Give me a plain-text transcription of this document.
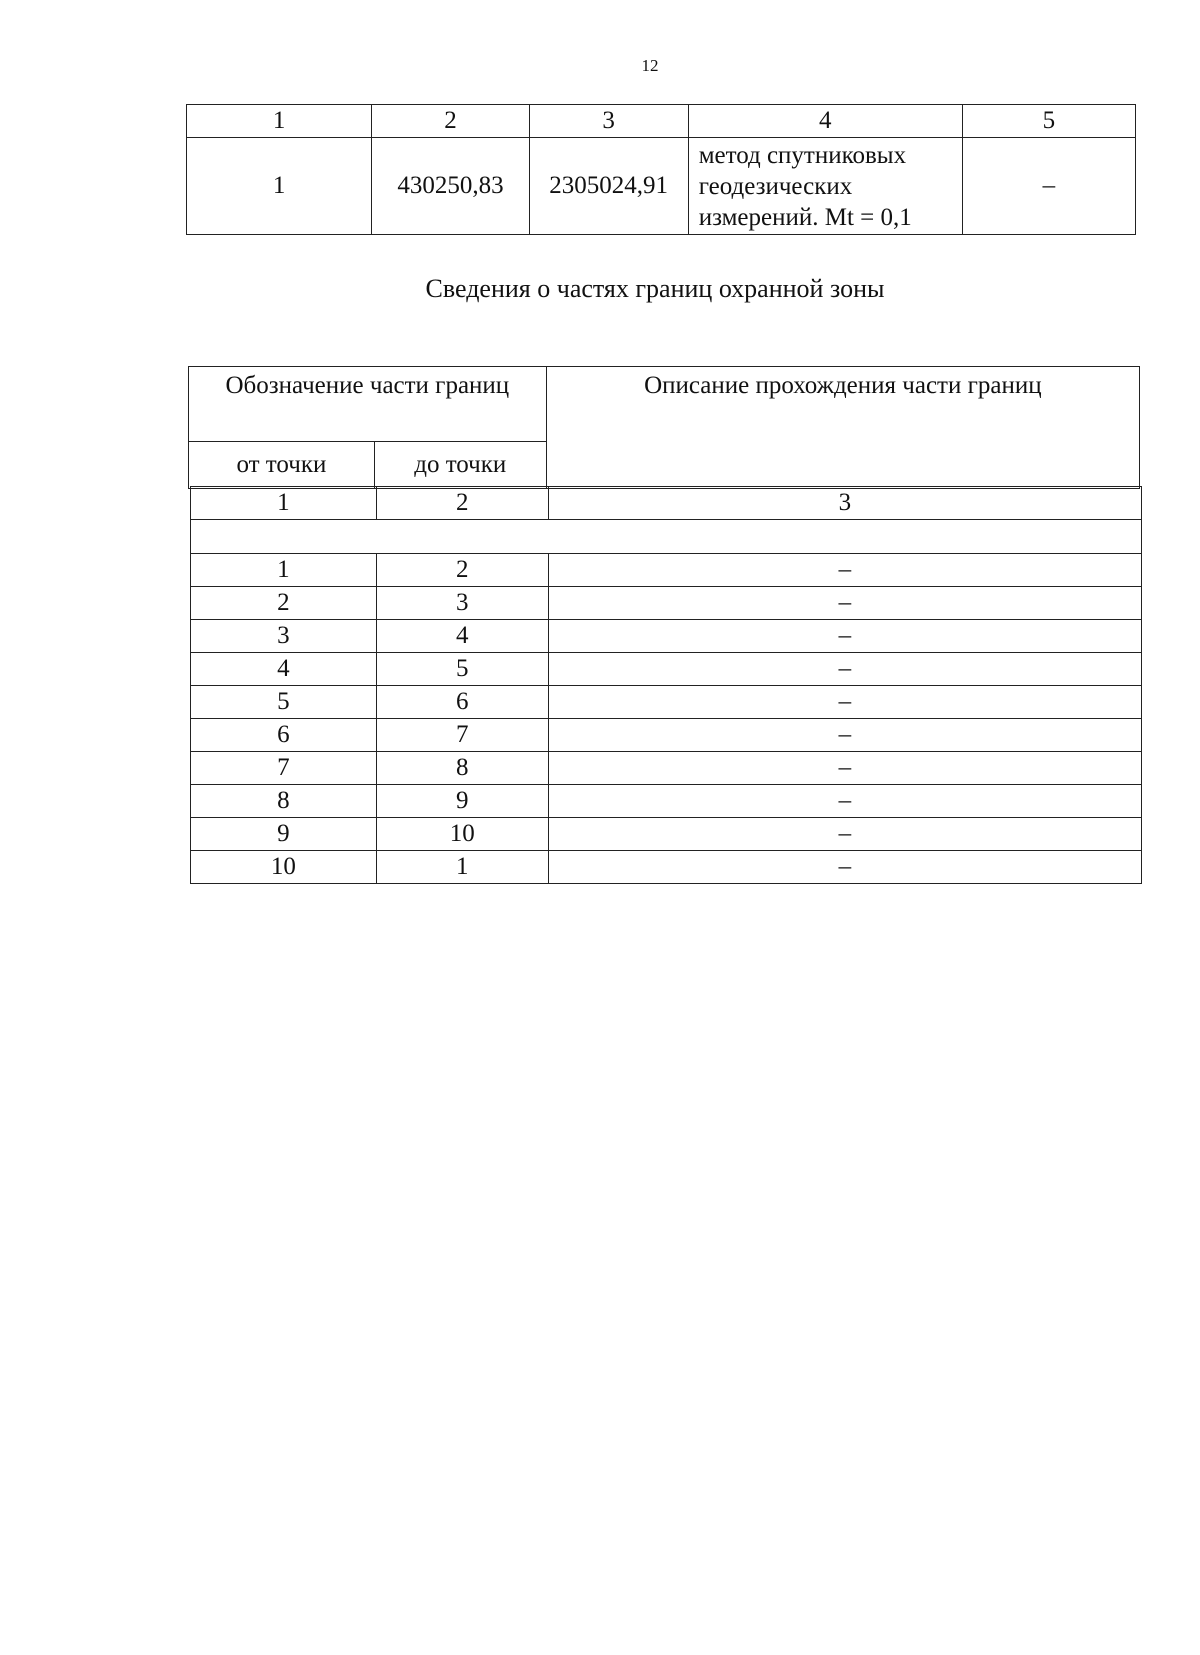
12
1	2	3	4	5
1	430250,83	2305024,91	метод спутниковых
геодезических
измерений. Mt = 0,1	–
Сведения о частях границ охранной зоны
Обозначение части границ		Описание прохождения части границ
от точки	до точки	
1	2	3

1	2	–
2	3	–
3	4	–
4	5	–
5	6	–
6	7	–
7	8	–
8	9	–
9	10	–
10	1	–
